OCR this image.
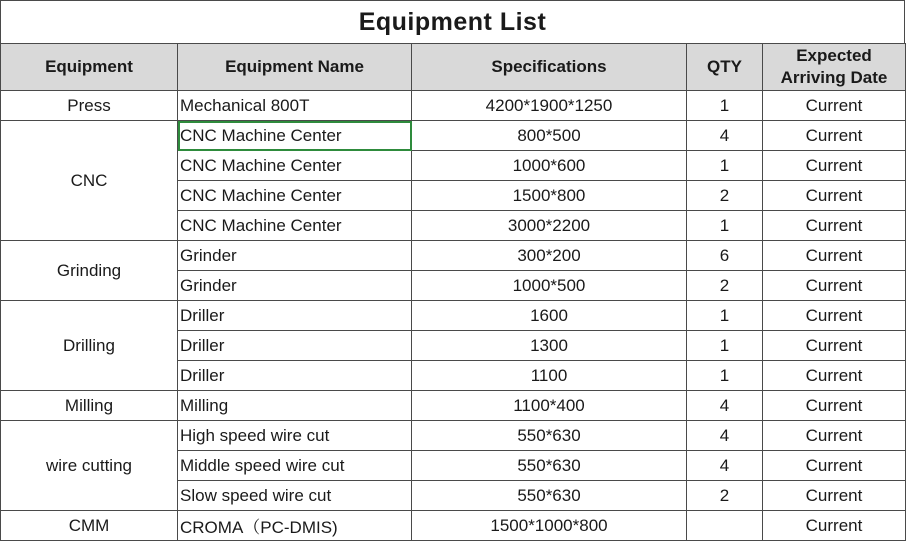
Equipment List
Equipment	Equipment Name	Specifications	QTY	Expected
Arriving Date
Press	Mechanical 800T	4200*1900*1250	1	Current
CNC	CNC Machine Center	800*500	4	Current
	CNC Machine Center	1000*600	1	Current
	CNC Machine Center	1500*800	2	Current
	CNC Machine Center	3000*2200	1	Current
Grinding	Grinder	300*200	6	Current
	Grinder	1000*500	2	Current
Drilling	Driller	1600	1	Current
	Driller	1300	1	Current
	Driller	1100	1	Current
Milling	Milling	1100*400	4	Current
wire cutting	High speed wire cut	550*630	4	Current
	Middle speed wire cut	550*630	4	Current
	Slow speed wire cut	550*630	2	Current
CMM	CROMA（PC-DMIS)	1500*1000*800		Current
